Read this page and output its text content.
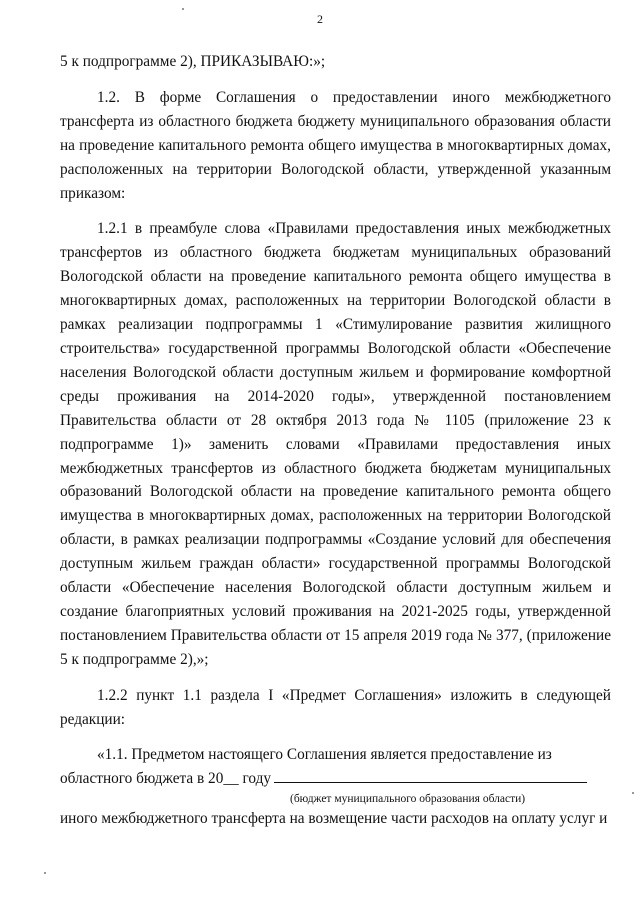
2

5 к подпрограмме 2), ПРИКАЗЫВАЮ:»;

1.2. В форме Соглашения о предоставлении иного межбюджетного трансферта из областного бюджета бюджету муниципального образования области на проведение капитального ремонта общего имущества в многоквартирных домах, расположенных на территории Вологодской области, утвержденной указанным приказом:

1.2.1 в преамбуле слова «Правилами предоставления иных межбюджетных трансфертов из областного бюджета бюджетам муниципальных образований Вологодской области на проведение капитального ремонта общего имущества в многоквартирных домах, расположенных на территории Вологодской области в рамках реализации подпрограммы 1 «Стимулирование развития жилищного строительства» государственной программы Вологодской области «Обеспечение населения Вологодской области доступным жильем и формирование комфортной среды проживания на 2014-2020 годы», утвержденной постановлением Правительства области от 28 октября 2013 года № 1105 (приложение 23 к подпрограмме 1)» заменить словами «Правилами предоставления иных межбюджетных трансфертов из областного бюджета бюджетам муниципальных образований Вологодской области на проведение капитального ремонта общего имущества в многоквартирных домах, расположенных на территории Вологодской области, в рамках реализации подпрограммы «Создание условий для обеспечения доступным жильем граждан области» государственной программы Вологодской области «Обеспечение населения Вологодской области доступным жильем и создание благоприятных условий проживания на 2021-2025 годы, утвержденной постановлением Правительства области от 15 апреля 2019 года № 377, (приложение 5 к подпрограмме 2),»;

1.2.2 пункт 1.1 раздела I «Предмет Соглашения» изложить в следующей редакции:

«1.1. Предметом настоящего Соглашения является предоставление из

областного бюджета в 20__ году

(бюджет муниципального образования области)

иного межбюджетного трансферта на возмещение части расходов на оплату услуг и
